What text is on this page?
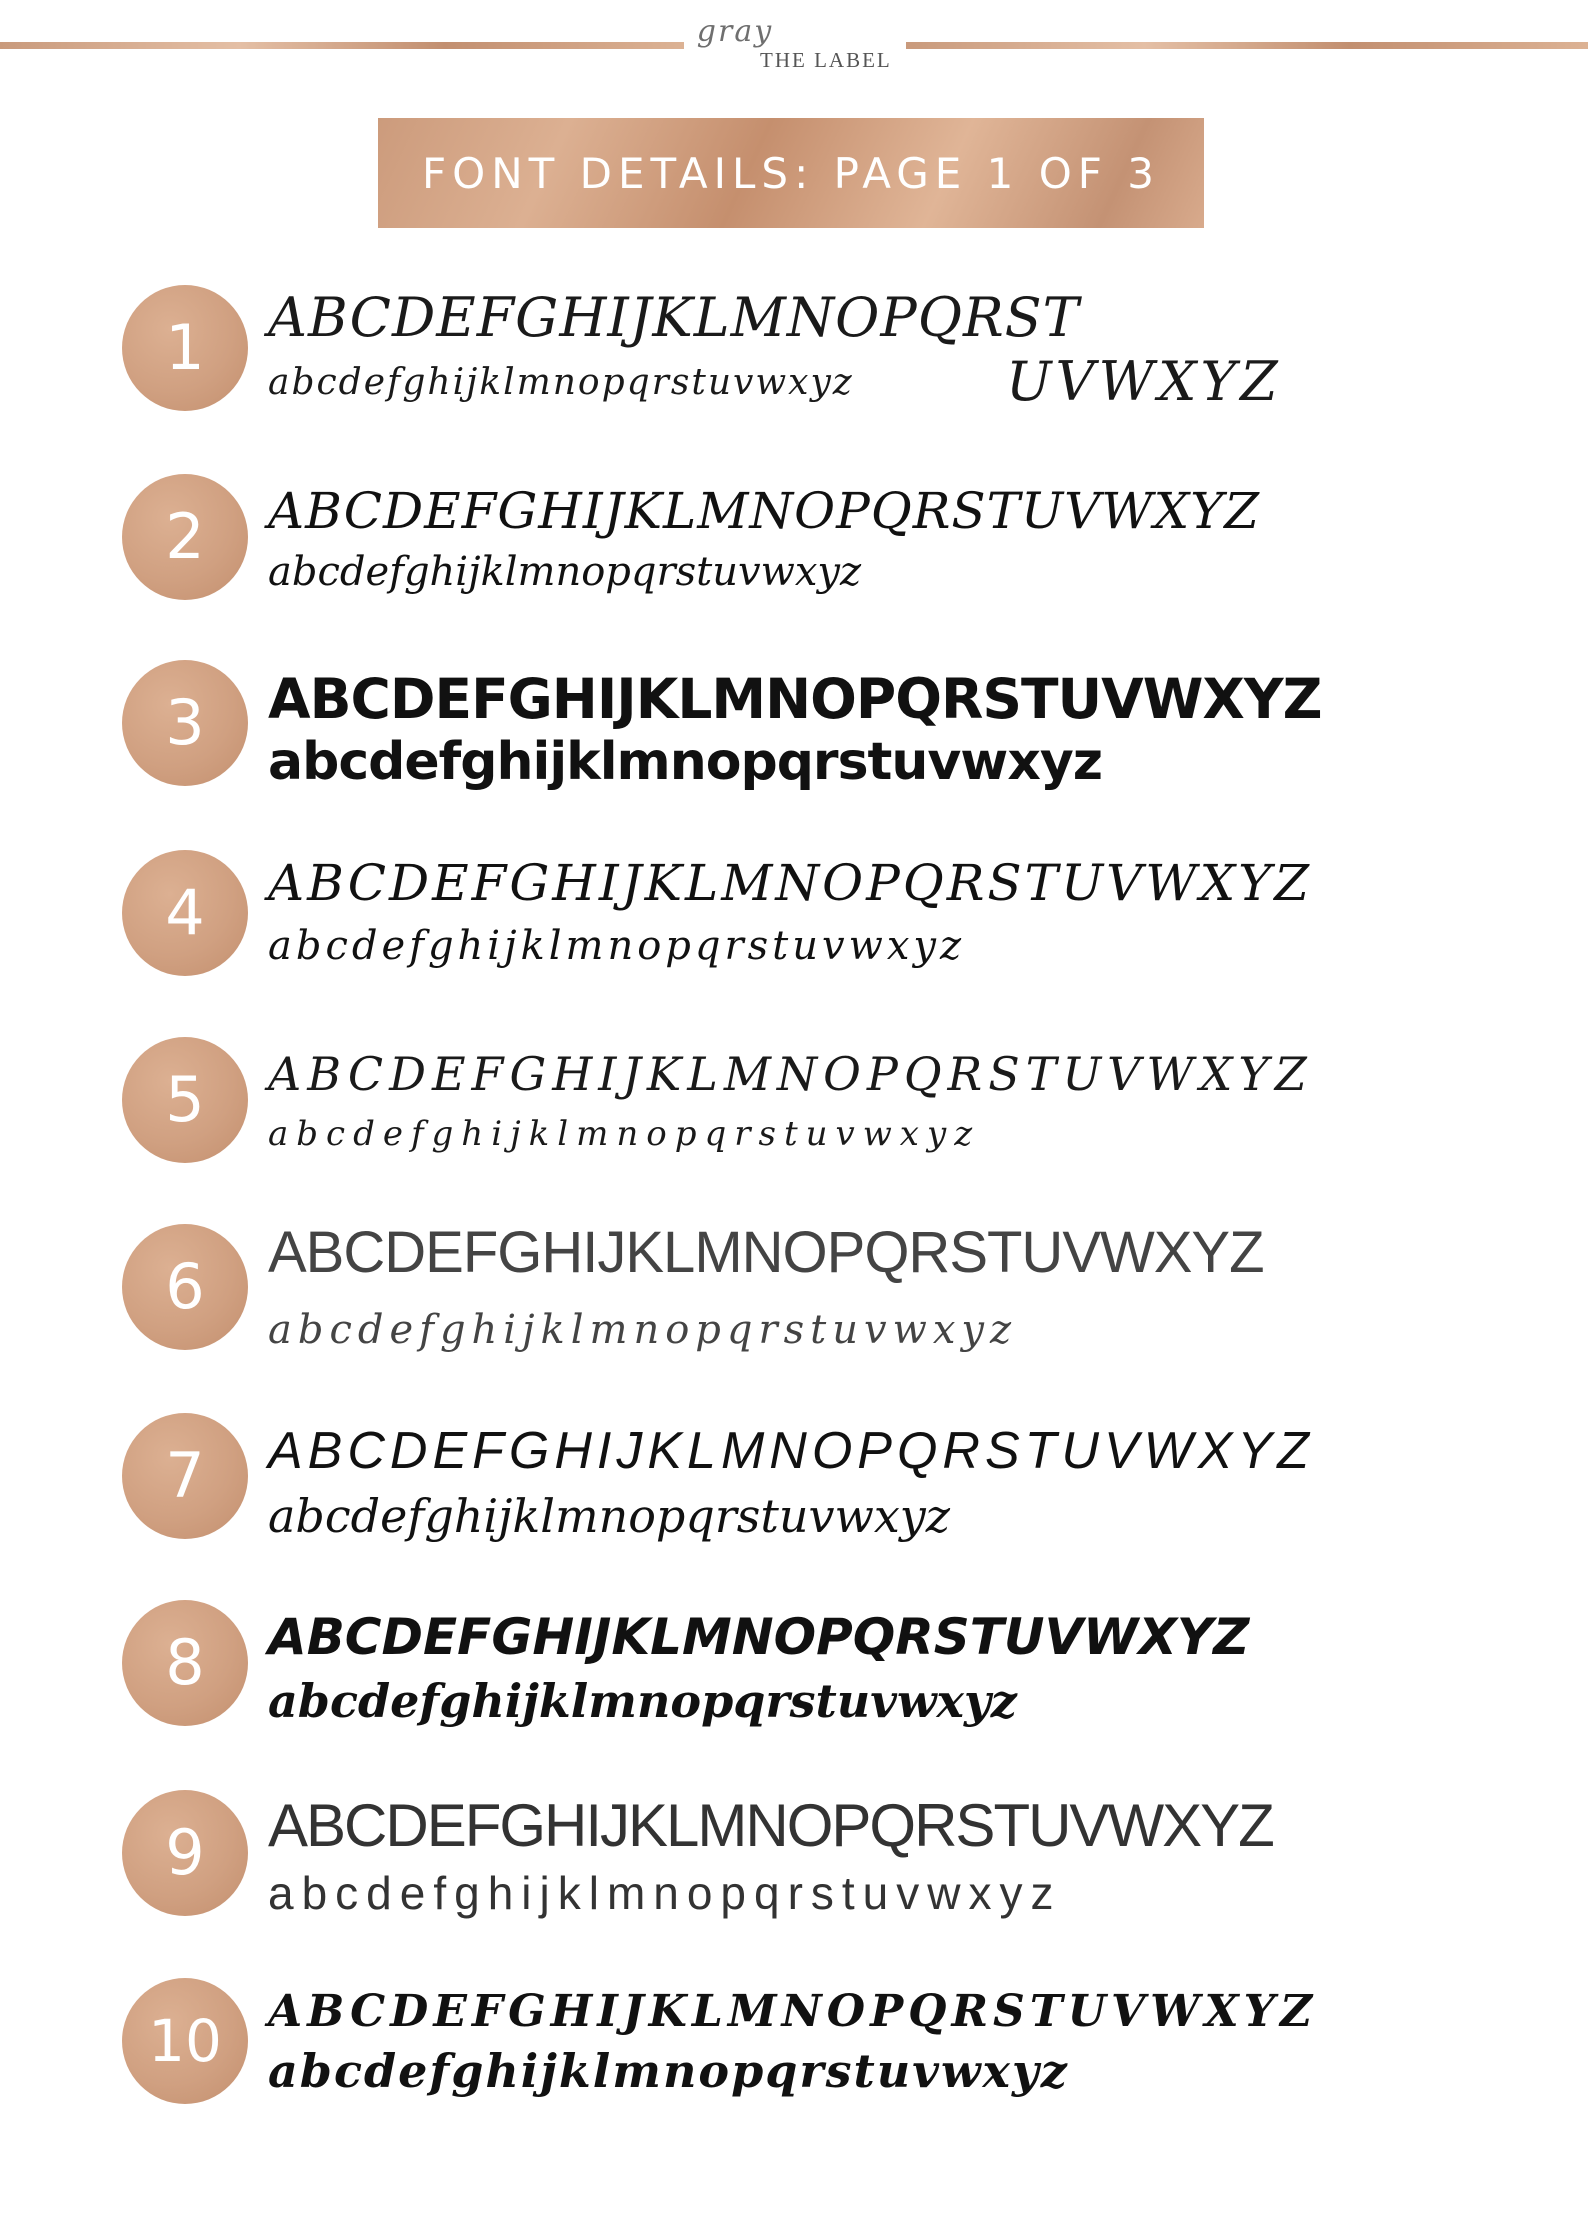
gray
THE LABEL
FONT DETAILS: PAGE 1 OF 3
1	ABCDEFGHIJKLMNOPQRST
abcdefghijklmnopqrstuvwxyz	UVWXYZ
2	ABCDEFGHIJKLMNOPQRSTUVWXYZ
abcdefghijklmnopqrstuvwxyz
3	ABCDEFGHIJKLMNOPQRSTUVWXYZ
abcdefghijklmnopqrstuvwxyz
4	ABCDEFGHIJKLMNOPQRSTUVWXYZ
abcdefghijklmnopqrstuvwxyz
5	ABCDEFGHIJKLMNOPQRSTUVWXYZ
abcdefghijklmnopqrstuvwxyz
6	ABCDEFGHIJKLMNOPQRSTUVWXYZ
abcdefghijklmnopqrstuvwxyz
7	ABCDEFGHIJKLMNOPQRSTUVWXYZ
abcdefghijklmnopqrstuvwxyz
8	ABCDEFGHIJKLMNOPQRSTUVWXYZ
abcdefghijklmnopqrstuvwxyz
9	ABCDEFGHIJKLMNOPQRSTUVWXYZ
abcdefghijklmnopqrstuvwxyz
10	ABCDEFGHIJKLMNOPQRSTUVWXYZ
abcdefghijklmnopqrstuvwxyz
